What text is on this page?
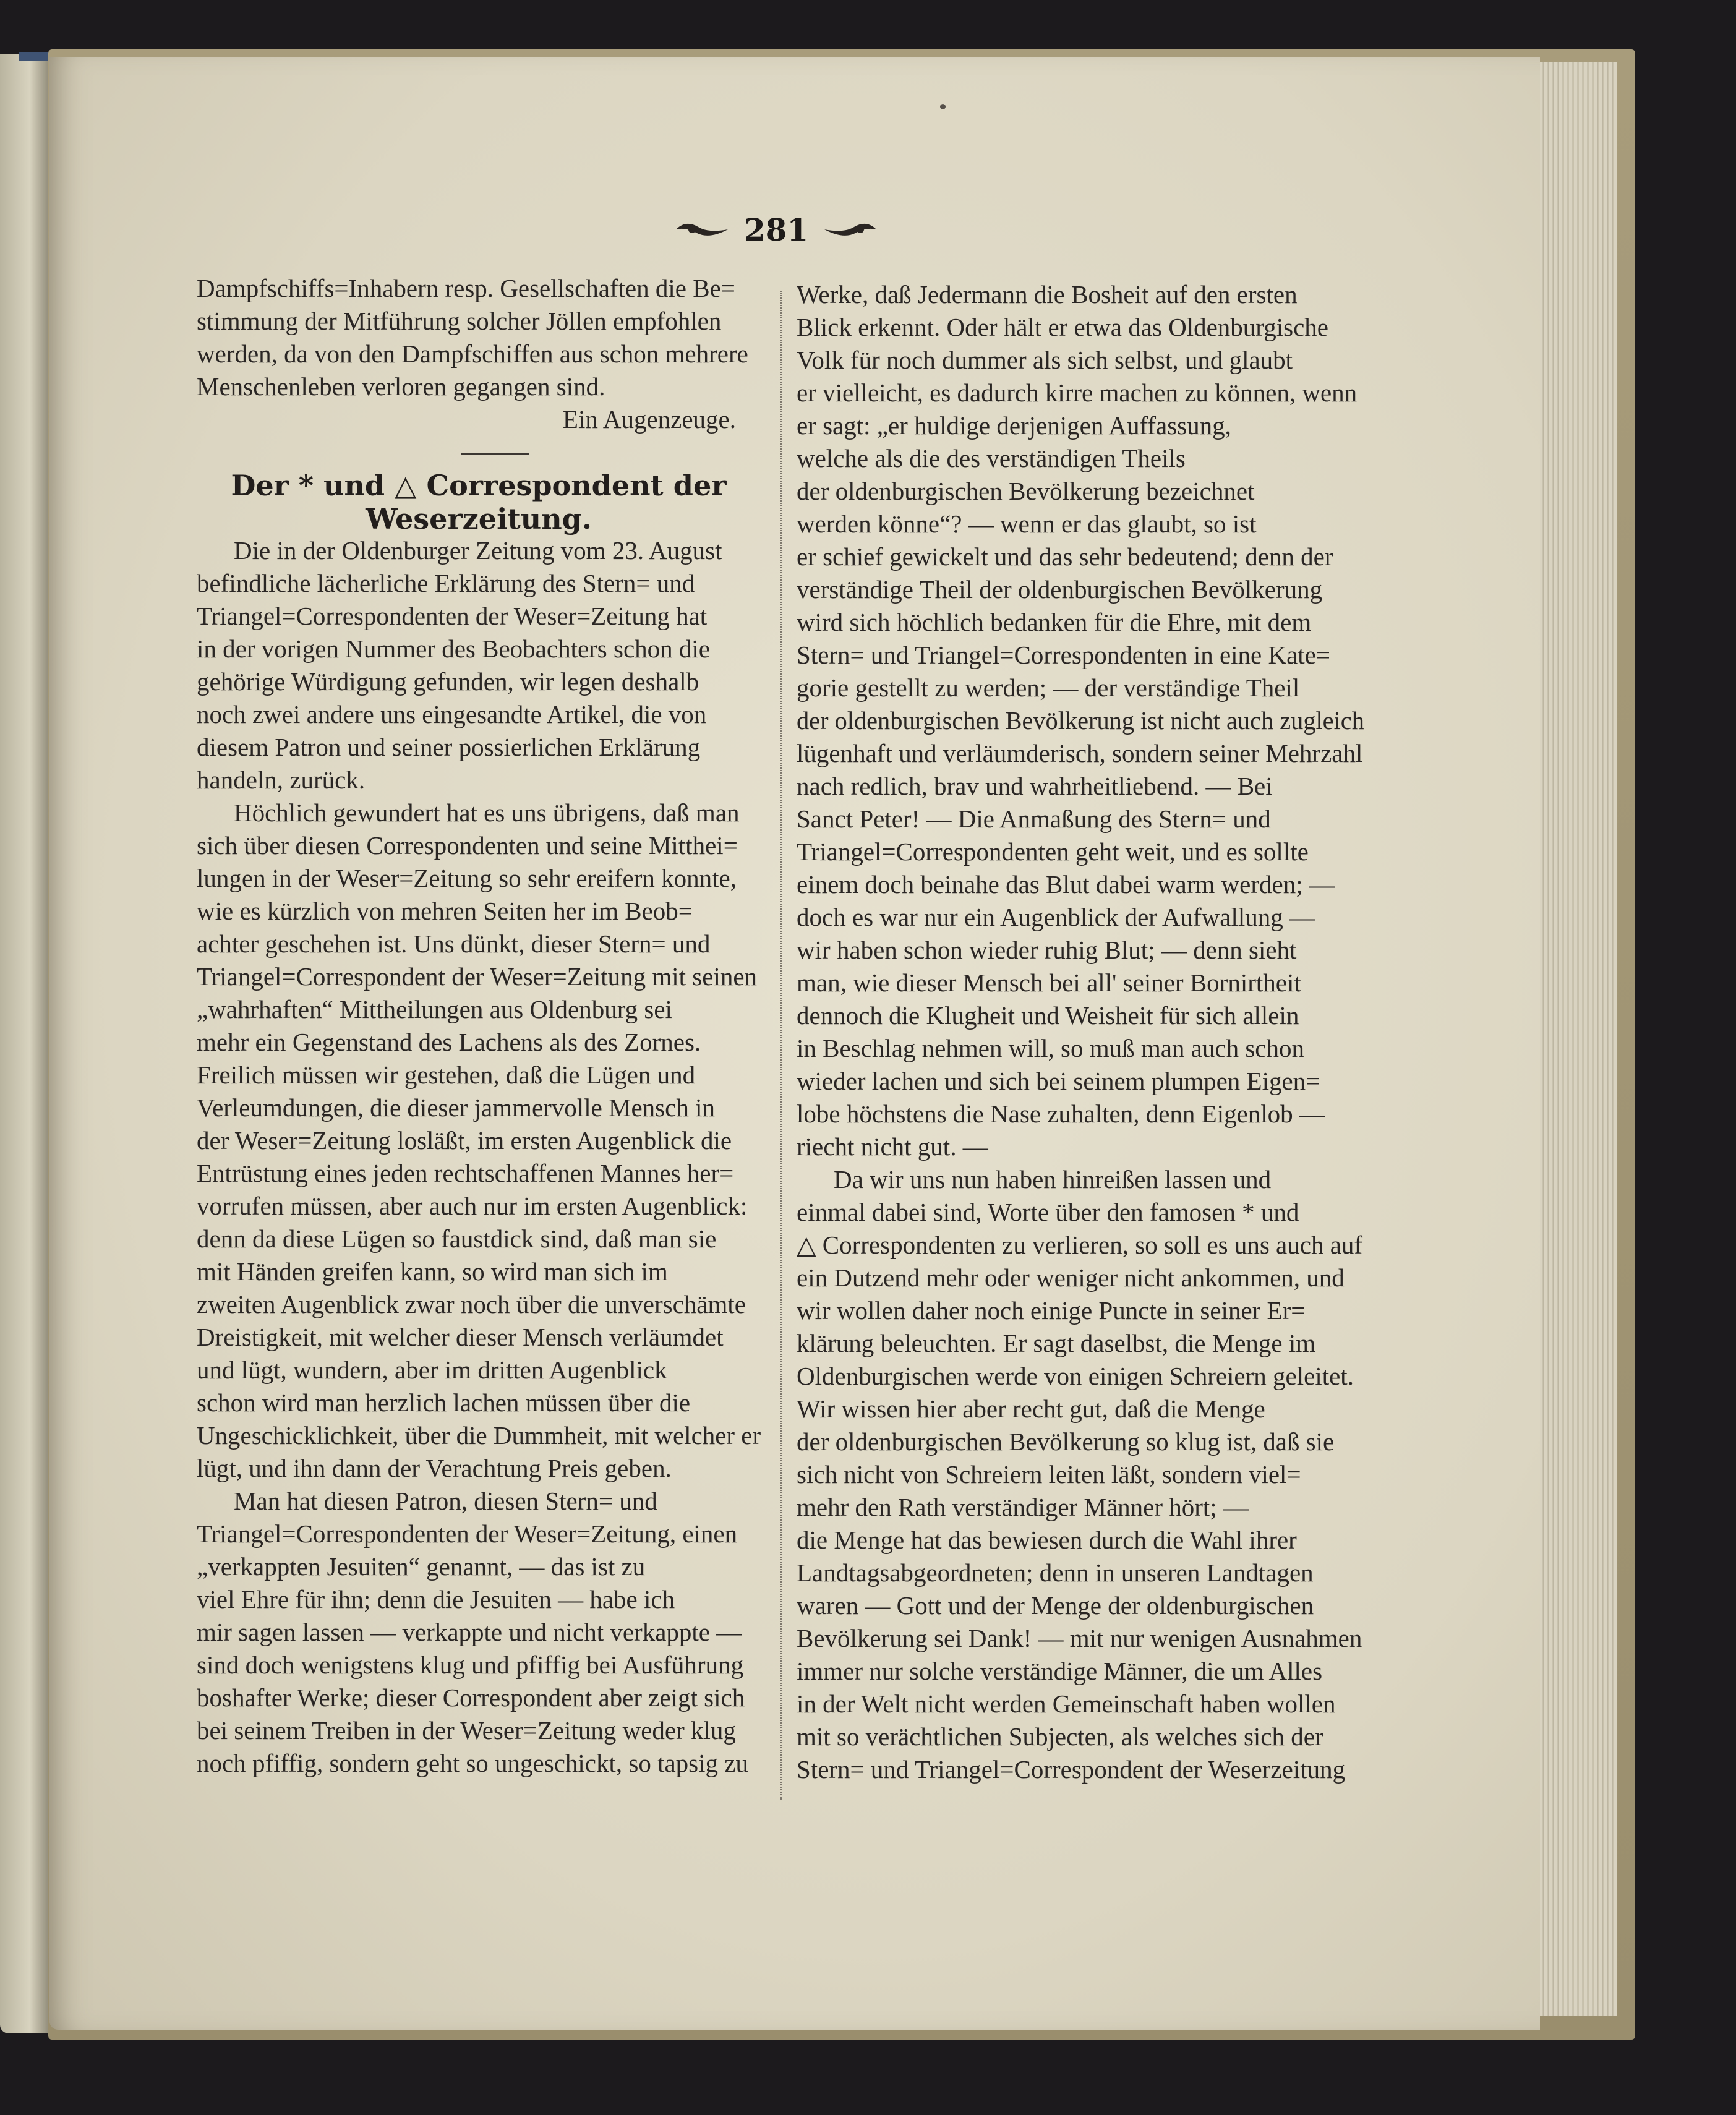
281
Dampfschiffs=Inhabern resp. Gesellschaften die Be=
stimmung der Mitführung solcher Jöllen empfohlen
werden, da von den Dampfschiffen aus schon mehrere
Menschenleben verloren gegangen sind.
Ein Augenzeuge.
Der * und △ Correspondent der
Weserzeitung.
Die in der Oldenburger Zeitung vom 23. August
befindliche lächerliche Erklärung des Stern= und
Triangel=Correspondenten der Weser=Zeitung hat
in der vorigen Nummer des Beobachters schon die
gehörige Würdigung gefunden, wir legen deshalb
noch zwei andere uns eingesandte Artikel, die von
diesem Patron und seiner possierlichen Erklärung
handeln, zurück.
Höchlich gewundert hat es uns übrigens, daß man
sich über diesen Correspondenten und seine Mitthei=
lungen in der Weser=Zeitung so sehr ereifern konnte,
wie es kürzlich von mehren Seiten her im Beob=
achter geschehen ist. Uns dünkt, dieser Stern= und
Triangel=Correspondent der Weser=Zeitung mit seinen
„wahrhaften“ Mittheilungen aus Oldenburg sei
mehr ein Gegenstand des Lachens als des Zornes.
Freilich müssen wir gestehen, daß die Lügen und
Verleumdungen, die dieser jammervolle Mensch in
der Weser=Zeitung losläßt, im ersten Augenblick die
Entrüstung eines jeden rechtschaffenen Mannes her=
vorrufen müssen, aber auch nur im ersten Augenblick:
denn da diese Lügen so faustdick sind, daß man sie
mit Händen greifen kann, so wird man sich im
zweiten Augenblick zwar noch über die unverschämte
Dreistigkeit, mit welcher dieser Mensch verläumdet
und lügt, wundern, aber im dritten Augenblick
schon wird man herzlich lachen müssen über die
Ungeschicklichkeit, über die Dummheit, mit welcher er
lügt, und ihn dann der Verachtung Preis geben.
Man hat diesen Patron, diesen Stern= und
Triangel=Correspondenten der Weser=Zeitung, einen
„verkappten Jesuiten“ genannt, — das ist zu
viel Ehre für ihn; denn die Jesuiten — habe ich
mir sagen lassen — verkappte und nicht verkappte —
sind doch wenigstens klug und pfiffig bei Ausführung
boshafter Werke; dieser Correspondent aber zeigt sich
bei seinem Treiben in der Weser=Zeitung weder klug
noch pfiffig, sondern geht so ungeschickt, so tapsig zu
Werke, daß Jedermann die Bosheit auf den ersten
Blick erkennt. Oder hält er etwa das Oldenburgische
Volk für noch dummer als sich selbst, und glaubt
er vielleicht, es dadurch kirre machen zu können, wenn
er sagt: „er huldige derjenigen Auffassung,
welche als die des verständigen Theils
der oldenburgischen Bevölkerung bezeichnet
werden könne“? — wenn er das glaubt, so ist
er schief gewickelt und das sehr bedeutend; denn der
verständige Theil der oldenburgischen Bevölkerung
wird sich höchlich bedanken für die Ehre, mit dem
Stern= und Triangel=Correspondenten in eine Kate=
gorie gestellt zu werden; — der verständige Theil
der oldenburgischen Bevölkerung ist nicht auch zugleich
lügenhaft und verläumderisch, sondern seiner Mehrzahl
nach redlich, brav und wahrheitliebend. — Bei
Sanct Peter! — Die Anmaßung des Stern= und
Triangel=Correspondenten geht weit, und es sollte
einem doch beinahe das Blut dabei warm werden; —
doch es war nur ein Augenblick der Aufwallung —
wir haben schon wieder ruhig Blut; — denn sieht
man, wie dieser Mensch bei all' seiner Bornirtheit
dennoch die Klugheit und Weisheit für sich allein
in Beschlag nehmen will, so muß man auch schon
wieder lachen und sich bei seinem plumpen Eigen=
lobe höchstens die Nase zuhalten, denn Eigenlob —
riecht nicht gut. —
Da wir uns nun haben hinreißen lassen und
einmal dabei sind, Worte über den famosen * und
△ Correspondenten zu verlieren, so soll es uns auch auf
ein Dutzend mehr oder weniger nicht ankommen, und
wir wollen daher noch einige Puncte in seiner Er=
klärung beleuchten. Er sagt daselbst, die Menge im
Oldenburgischen werde von einigen Schreiern geleitet.
Wir wissen hier aber recht gut, daß die Menge
der oldenburgischen Bevölkerung so klug ist, daß sie
sich nicht von Schreiern leiten läßt, sondern viel=
mehr den Rath verständiger Männer hört; —
die Menge hat das bewiesen durch die Wahl ihrer
Landtagsabgeordneten; denn in unseren Landtagen
waren — Gott und der Menge der oldenburgischen
Bevölkerung sei Dank! — mit nur wenigen Ausnahmen
immer nur solche verständige Männer, die um Alles
in der Welt nicht werden Gemeinschaft haben wollen
mit so verächtlichen Subjecten, als welches sich der
Stern= und Triangel=Correspondent der Weserzeitung
